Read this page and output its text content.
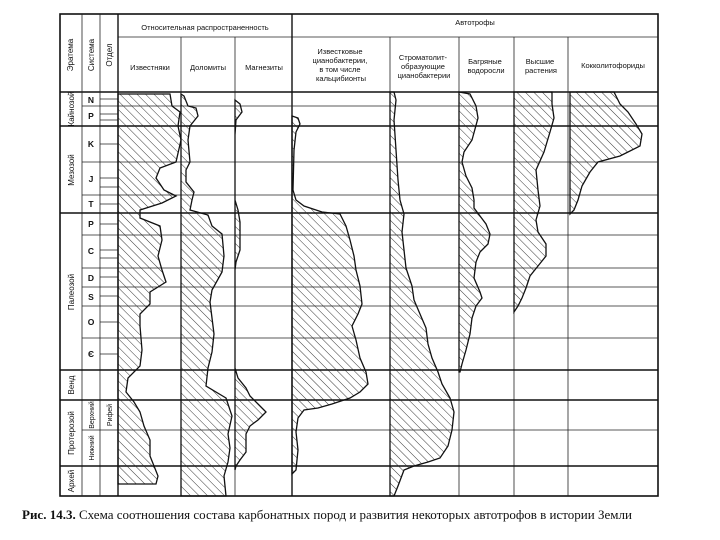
Эратема Система Отдел
Относительная распространенность
Автотрофы
Известняки	Доломиты	Магнезиты
Известковые цианобактерии, в том числе кальцибионты
Строматолит- образующие цианобактерии
Багряные водоросли
Высшие растения
Кокколитофориды
Кайнозой
Мезозой
Палеозой
Венд
Протерозой
Архей
Верхний
Нижний
Рифей
N
P
K
J
T
P
C
D
S
O
Є
Рис. 14.3. Схема соотношения состава карбонатных пород и развития некоторых автотрофов в истории Земли
